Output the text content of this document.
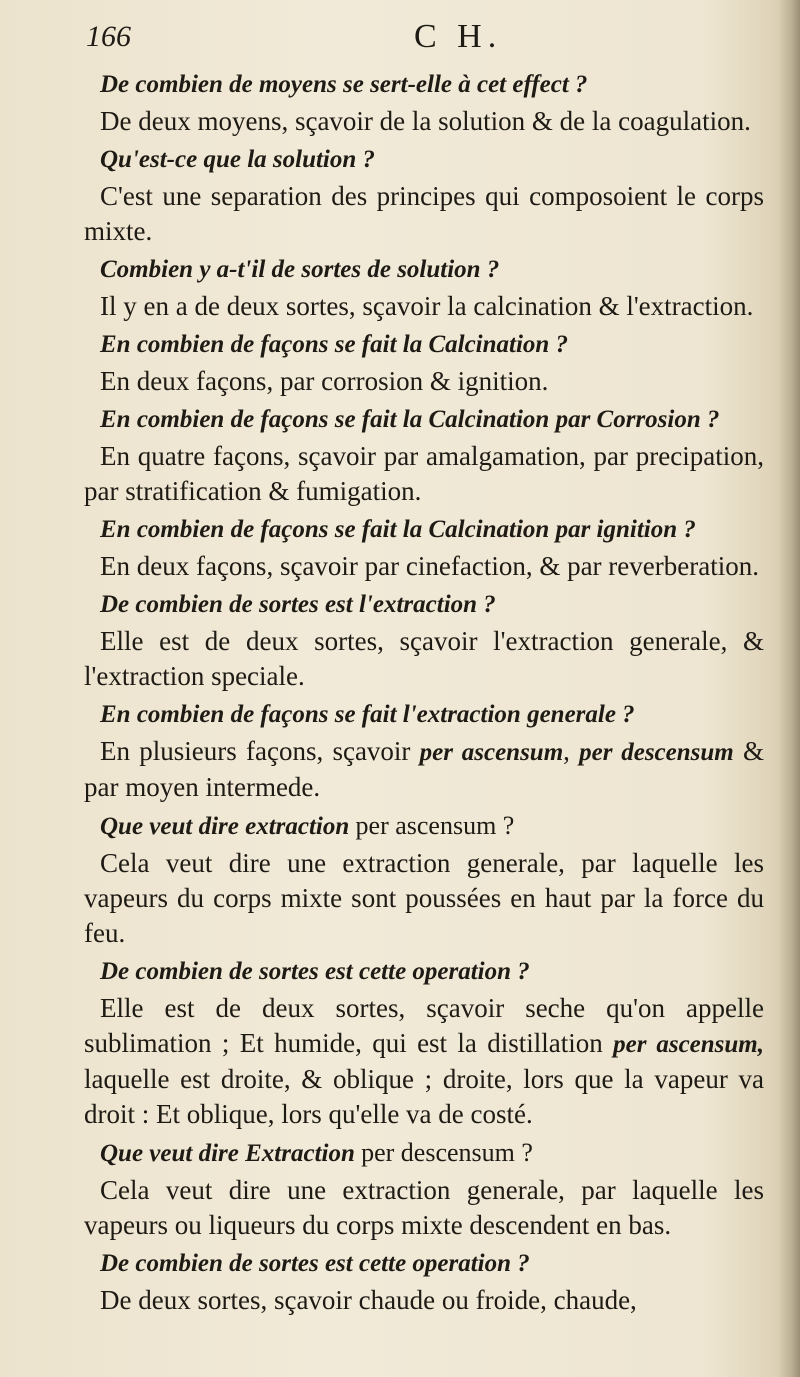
166	C H.
De combien de moyens se sert-elle à cet effect ?

De deux moyens, sçavoir de la solution & de la coagulation.

Qu'est-ce que la solution ?

C'est une separation des principes qui composoient le corps mixte.

Combien y a-t'il de sortes de solution ?

Il y en a de deux sortes, sçavoir la calcination & l'extraction.

En combien de façons se fait la Calcination ?

En deux façons, par corrosion & ignition.

En combien de façons se fait la Calcination par Corrosion ?

En quatre façons, sçavoir par amalgamation, par precipation, par stratification & fumigation.

En combien de façons se fait la Calcination par ignition ?

En deux façons, sçavoir par cinefaction, & par reverberation.

De combien de sortes est l'extraction ?

Elle est de deux sortes, sçavoir l'extraction generale, & l'extraction speciale.

En combien de façons se fait l'extraction generale ?

En plusieurs façons, sçavoir per ascensum, per descensum & par moyen intermede.

Que veut dire extraction per ascensum ?

Cela veut dire une extraction generale, par laquelle les vapeurs du corps mixte sont poussées en haut par la force du feu.

De combien de sortes est cette operation ?

Elle est de deux sortes, sçavoir seche qu'on appelle sublimation ; Et humide, qui est la distillation per ascensum, laquelle est droite, & oblique ; droite, lors que la vapeur va droit : Et oblique, lors qu'elle va de costé.

Que veut dire Extraction per descensum ?

Cela veut dire une extraction generale, par laquelle les vapeurs ou liqueurs du corps mixte descendent en bas.

De combien de sortes est cette operation ?

De deux sortes, sçavoir chaude ou froide, chaude,
